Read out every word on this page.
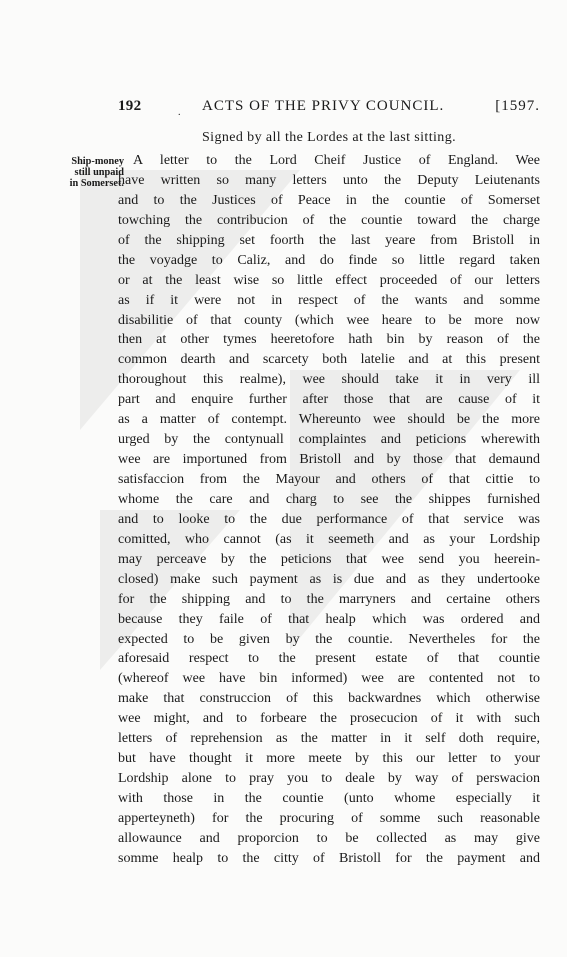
192	. ACTS OF THE PRIVY COUNCIL.	[1597.
Signed by all the Lordes at the last sitting.
Ship-money
still unpaid
in Somerset.
A letter to the Lord Cheif Justice of England. Wee
have written so many letters unto the Deputy Leiutenants
and to the Justices of Peace in the countie of Somerset
towching the contribucion of the countie toward the charge
of the shipping set foorth the last yeare from Bristoll in
the voyadge to Caliz, and do finde so little regard taken
or at the least wise so little effect proceeded of our letters
as if it were not in respect of the wants and somme
disabilitie of that county (which wee heare to be more now
then at other tymes heeretofore hath bin by reason of the
common dearth and scarcety both latelie and at this present
thoroughout this realme), wee should take it in very ill
part and enquire further after those that are cause of it
as a matter of contempt. Whereunto wee should be the more
urged by the contynuall complaintes and peticions wherewith
wee are importuned from Bristoll and by those that demaund
satisfaccion from the Mayour and others of that cittie to
whome the care and charg to see the shippes furnished
and to looke to the due performance of that service was
comitted, who cannot (as it seemeth and as your Lordship
may perceave by the peticions that wee send you heerein-
closed) make such payment as is due and as they undertooke
for the shipping and to the marryners and certaine others
because they faile of that healp which was ordered and
expected to be given by the countie. Nevertheles for the
aforesaid respect to the present estate of that countie
(whereof wee have bin informed) wee are contented not to
make that construccion of this backwardnes which otherwise
wee might, and to forbeare the prosecucion of it with such
letters of reprehension as the matter in it self doth require,
but have thought it more meete by this our letter to your
Lordship alone to pray you to deale by way of perswacion
with those in the countie (unto whome especially it
apperteyneth) for the procuring of somme such reasonable
allowaunce and proporcion to be collected as may give
somme healp to the citty of Bristoll for the payment and
